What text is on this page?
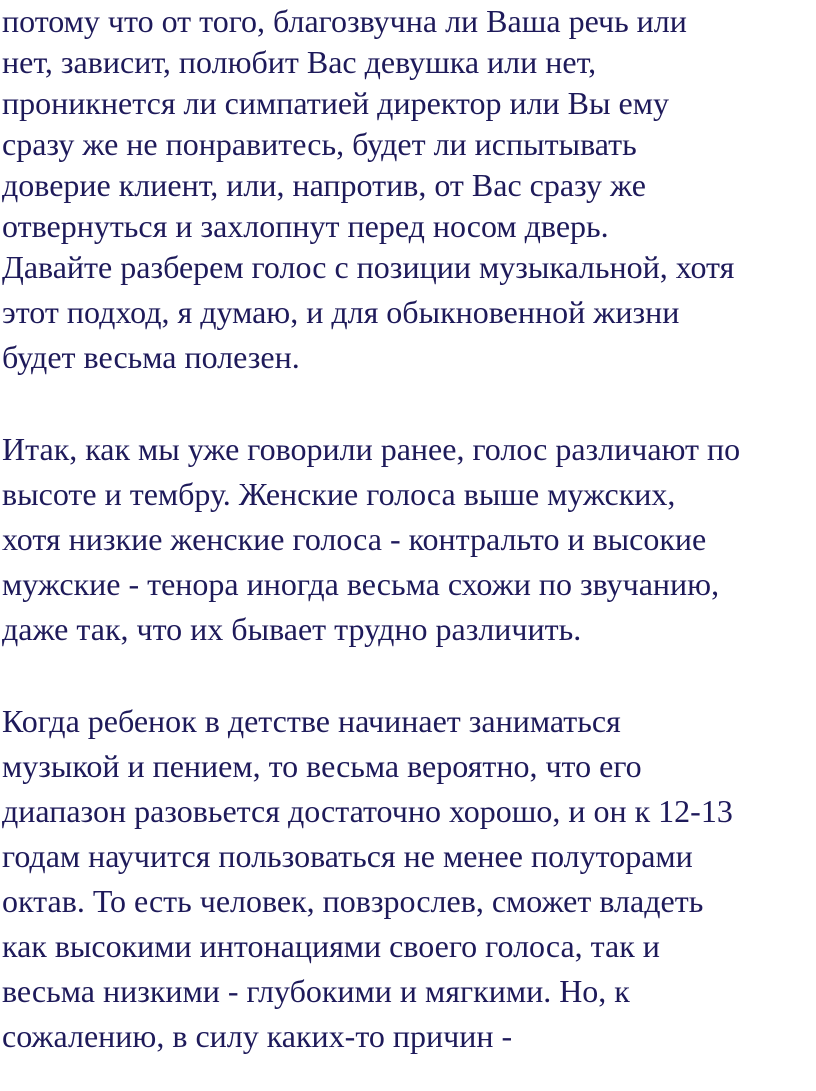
потому что от того, благозвучна ли Ваша речь или
нет, зависит, полюбит Вас девушка или нет,
проникнется ли симпатией директор или Вы ему
сразу же не понравитесь, будет ли испытывать
доверие клиент, или, напротив, от Вас сразу же
отвернуться и захлопнут перед носом дверь.
Давайте разберем голос с позиции музыкальной, хотя
этот подход, я думаю, и для обыкновенной жизни
будет весьма полезен.
Итак, как мы уже говорили ранее, голос различают по
высоте и тембру. Женские голоса выше мужских,
хотя низкие женские голоса - контральто и высокие
мужские - тенора иногда весьма схожи по звучанию,
даже так, что их бывает трудно различить.
Когда ребенок в детстве начинает заниматься
музыкой и пением, то весьма вероятно, что его
диапазон разовьется достаточно хорошо, и он к 12-13
годам научится пользоваться не менее полуторами
октав. То есть человек, повзрослев, сможет владеть
как высокими интонациями своего голоса, так и
весьма низкими - глубокими и мягкими. Но, к
сожалению, в силу каких-то причин -
